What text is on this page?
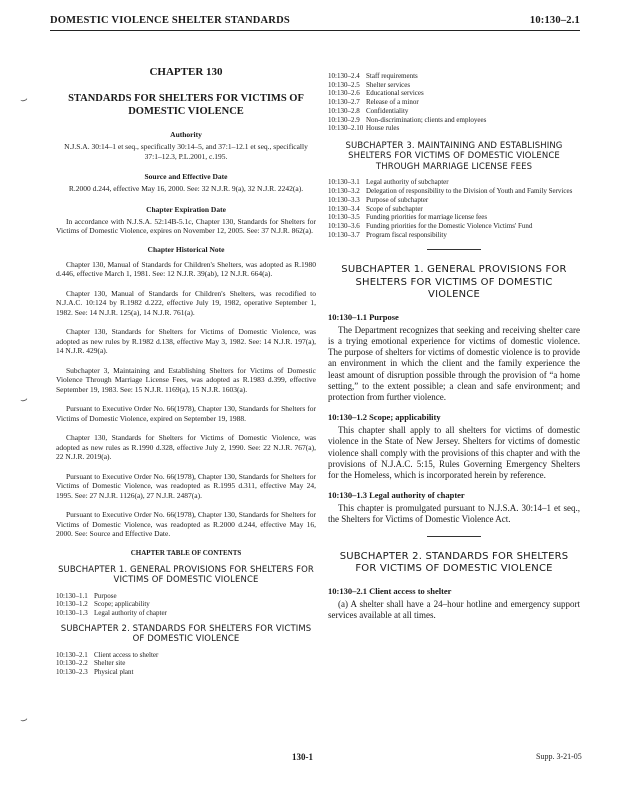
DOMESTIC VIOLENCE SHELTER STANDARDS	10:130–2.1
⌣
⌣
⌣
CHAPTER 130
STANDARDS FOR SHELTERS FOR VICTIMS OF DOMESTIC VIOLENCE
Authority
N.J.S.A. 30:14–1 et seq., specifically 30:14–5, and 37:1–12.1 et seq., specifically 37:1–12.3, P.L.2001, c.195.
Source and Effective Date
R.2000 d.244, effective May 16, 2000. See: 32 N.J.R. 9(a), 32 N.J.R. 2242(a).
Chapter Expiration Date
In accordance with N.J.S.A. 52:14B-5.1c, Chapter 130, Standards for Shelters for Victims of Domestic Violence, expires on November 12, 2005. See: 37 N.J.R. 862(a).
Chapter Historical Note
Chapter 130, Manual of Standards for Children's Shelters, was adopted as R.1980 d.446, effective March 1, 1981. See: 12 N.J.R. 39(ab), 12 N.J.R. 664(a).
Chapter 130, Manual of Standards for Children's Shelters, was recodified to N.J.A.C. 10:124 by R.1982 d.222, effective July 19, 1982, operative September 1, 1982. See: 14 N.J.R. 125(a), 14 N.J.R. 761(a).
Chapter 130, Standards for Shelters for Victims of Domestic Violence, was adopted as new rules by R.1982 d.138, effective May 3, 1982. See: 14 N.J.R. 197(a), 14 N.J.R. 429(a).
Subchapter 3, Maintaining and Establishing Shelters for Victims of Domestic Violence Through Marriage License Fees, was adopted as R.1983 d.399, effective September 19, 1983. See: 15 N.J.R. 1169(a), 15 N.J.R. 1603(a).
Pursuant to Executive Order No. 66(1978), Chapter 130, Standards for Shelters for Victims of Domestic Violence, expired on September 19, 1988.
Chapter 130, Standards for Shelters for Victims of Domestic Violence, was adopted as new rules as R.1990 d.328, effective July 2, 1990. See: 22 N.J.R. 767(a), 22 N.J.R. 2019(a).
Pursuant to Executive Order No. 66(1978), Chapter 130, Standards for Shelters for Victims of Domestic Violence, was readopted as R.1995 d.311, effective May 24, 1995. See: 27 N.J.R. 1126(a), 27 N.J.R. 2487(a).
Pursuant to Executive Order No. 66(1978), Chapter 130, Standards for Shelters for Victims of Domestic Violence, was readopted as R.2000 d.244, effective May 16, 2000. See: Source and Effective Date.
CHAPTER TABLE OF CONTENTS
SUBCHAPTER 1. GENERAL PROVISIONS FOR SHELTERS FOR VICTIMS OF DOMESTIC VIOLENCE
10:130–1.1 Purpose
10:130–1.2 Scope; applicability
10:130–1.3 Legal authority of chapter
SUBCHAPTER 2. STANDARDS FOR SHELTERS FOR VICTIMS OF DOMESTIC VIOLENCE
10:130–2.1 Client access to shelter
10:130–2.2 Shelter site
10:130–2.3 Physical plant
10:130–2.4 Staff requirements
10:130–2.5 Shelter services
10:130–2.6 Educational services
10:130–2.7 Release of a minor
10:130–2.8 Confidentiality
10:130–2.9 Non-discrimination; clients and employees
10:130–2.10 House rules
SUBCHAPTER 3. MAINTAINING AND ESTABLISHING SHELTERS FOR VICTIMS OF DOMESTIC VIOLENCE THROUGH MARRIAGE LICENSE FEES
10:130–3.1 Legal authority of subchapter
10:130–3.2 Delegation of responsibility to the Division of Youth and Family Services
10:130–3.3 Purpose of subchapter
10:130–3.4 Scope of subchapter
10:130–3.5 Funding priorities for marriage license fees
10:130–3.6 Funding priorities for the Domestic Violence Victims' Fund
10:130–3.7 Program fiscal responsibility
SUBCHAPTER 1. GENERAL PROVISIONS FOR SHELTERS FOR VICTIMS OF DOMESTIC VIOLENCE
10:130–1.1 Purpose
The Department recognizes that seeking and receiving shelter care is a trying emotional experience for victims of domestic violence. The purpose of shelters for victims of domestic violence is to provide an environment in which the client and the family experience the least amount of disruption possible through the provision of “a home setting,” to the extent possible; a clean and safe environment; and protection from further violence.
10:130–1.2 Scope; applicability
This chapter shall apply to all shelters for victims of domestic violence in the State of New Jersey. Shelters for victims of domestic violence shall comply with the provisions of this chapter and with the provisions of N.J.A.C. 5:15, Rules Governing Emergency Shelters for the Homeless, which is incorporated herein by reference.
10:130–1.3 Legal authority of chapter
This chapter is promulgated pursuant to N.J.S.A. 30:14–1 et seq., the Shelters for Victims of Domestic Violence Act.
SUBCHAPTER 2. STANDARDS FOR SHELTERS FOR VICTIMS OF DOMESTIC VIOLENCE
10:130–2.1 Client access to shelter
(a) A shelter shall have a 24–hour hotline and emergency support services available at all times.
130-1	Supp. 3-21-05
